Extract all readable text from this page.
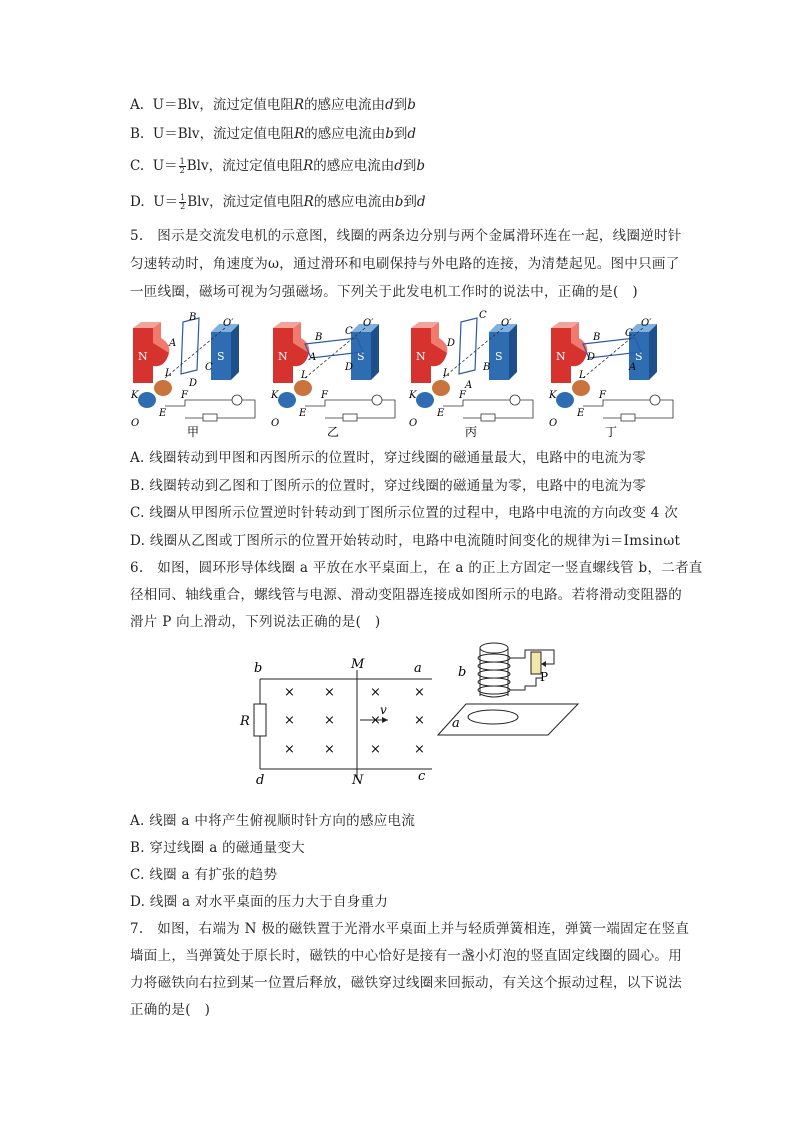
A. U＝Blv，流过定值电阻R的感应电流由d到b
B. U＝Blv，流过定值电阻R的感应电流由b到d
C. $U= \frac{1}{2}$ Blv，流过定值电阻R的感应电流由d到b
D. $U= \frac{1}{2}$ Blv，流过定值电阻R的感应电流由b到d
5.　图示是交流发电机的示意图，线圈的两条边分别与两个金属滑环连在一起，线圈逆时针
匀速转动时，角速度为ω，通过滑环和电刷保持与外电路的连接，为清楚起见。图中只画了
一匝线圈，磁场可视为匀强磁场。下列关于此发电机工作时的说法中，正确的是(　)
N	S
A
B
C
D
E
F
K
L
O
O′
甲
N	S
A
B
C
D
E
F
K
L
O
O′
乙
N	S
D
C
B
A
E
F
K
L
O
O′
丙
N	S
D
B C
A
E
F
K
L
O
O′
丁
A. 线圈转动到甲图和丙图所示的位置时，穿过线圈的磁通量最大，电路中的电流为零
B. 线圈转动到乙图和丁图所示的位置时，穿过线圈的磁通量为零，电路中的电流为零
C. 线圈从甲图所示位置逆时针转动到丁图所示位置的过程中，电路中电流的方向改变 4 次
D. 线圈从乙图或丁图所示的位置开始转动时，电路中电流随时间变化的规律为i＝Imsinωt
6.　如图，圆环形导体线圈 a 平放在水平桌面上，在 a 的正上方固定一竖直螺线管 b，二者直
径相同、轴线重合，螺线管与电源、滑动变阻器连接成如图所示的电路。若将滑动变阻器的
滑片 P 向上滑动，下列说法正确的是(　)
b	M	a
R
d	N	c
× ×	×	×
× ×	×	×
× ×	×	×
v
b	P
a
A. 线圈 a 中将产生俯视顺时针方向的感应电流
B. 穿过线圈 a 的磁通量变大
C. 线圈 a 有扩张的趋势
D. 线圈 a 对水平桌面的压力大于自身重力
7.　如图，右端为 N 极的磁铁置于光滑水平桌面上并与轻质弹簧相连，弹簧一端固定在竖直
墙面上，当弹簧处于原长时，磁铁的中心恰好是接有一盏小灯泡的竖直固定线圈的圆心。用
力将磁铁向右拉到某一位置后释放，磁铁穿过线圈来回振动，有关这个振动过程，以下说法
正确的是(　)
